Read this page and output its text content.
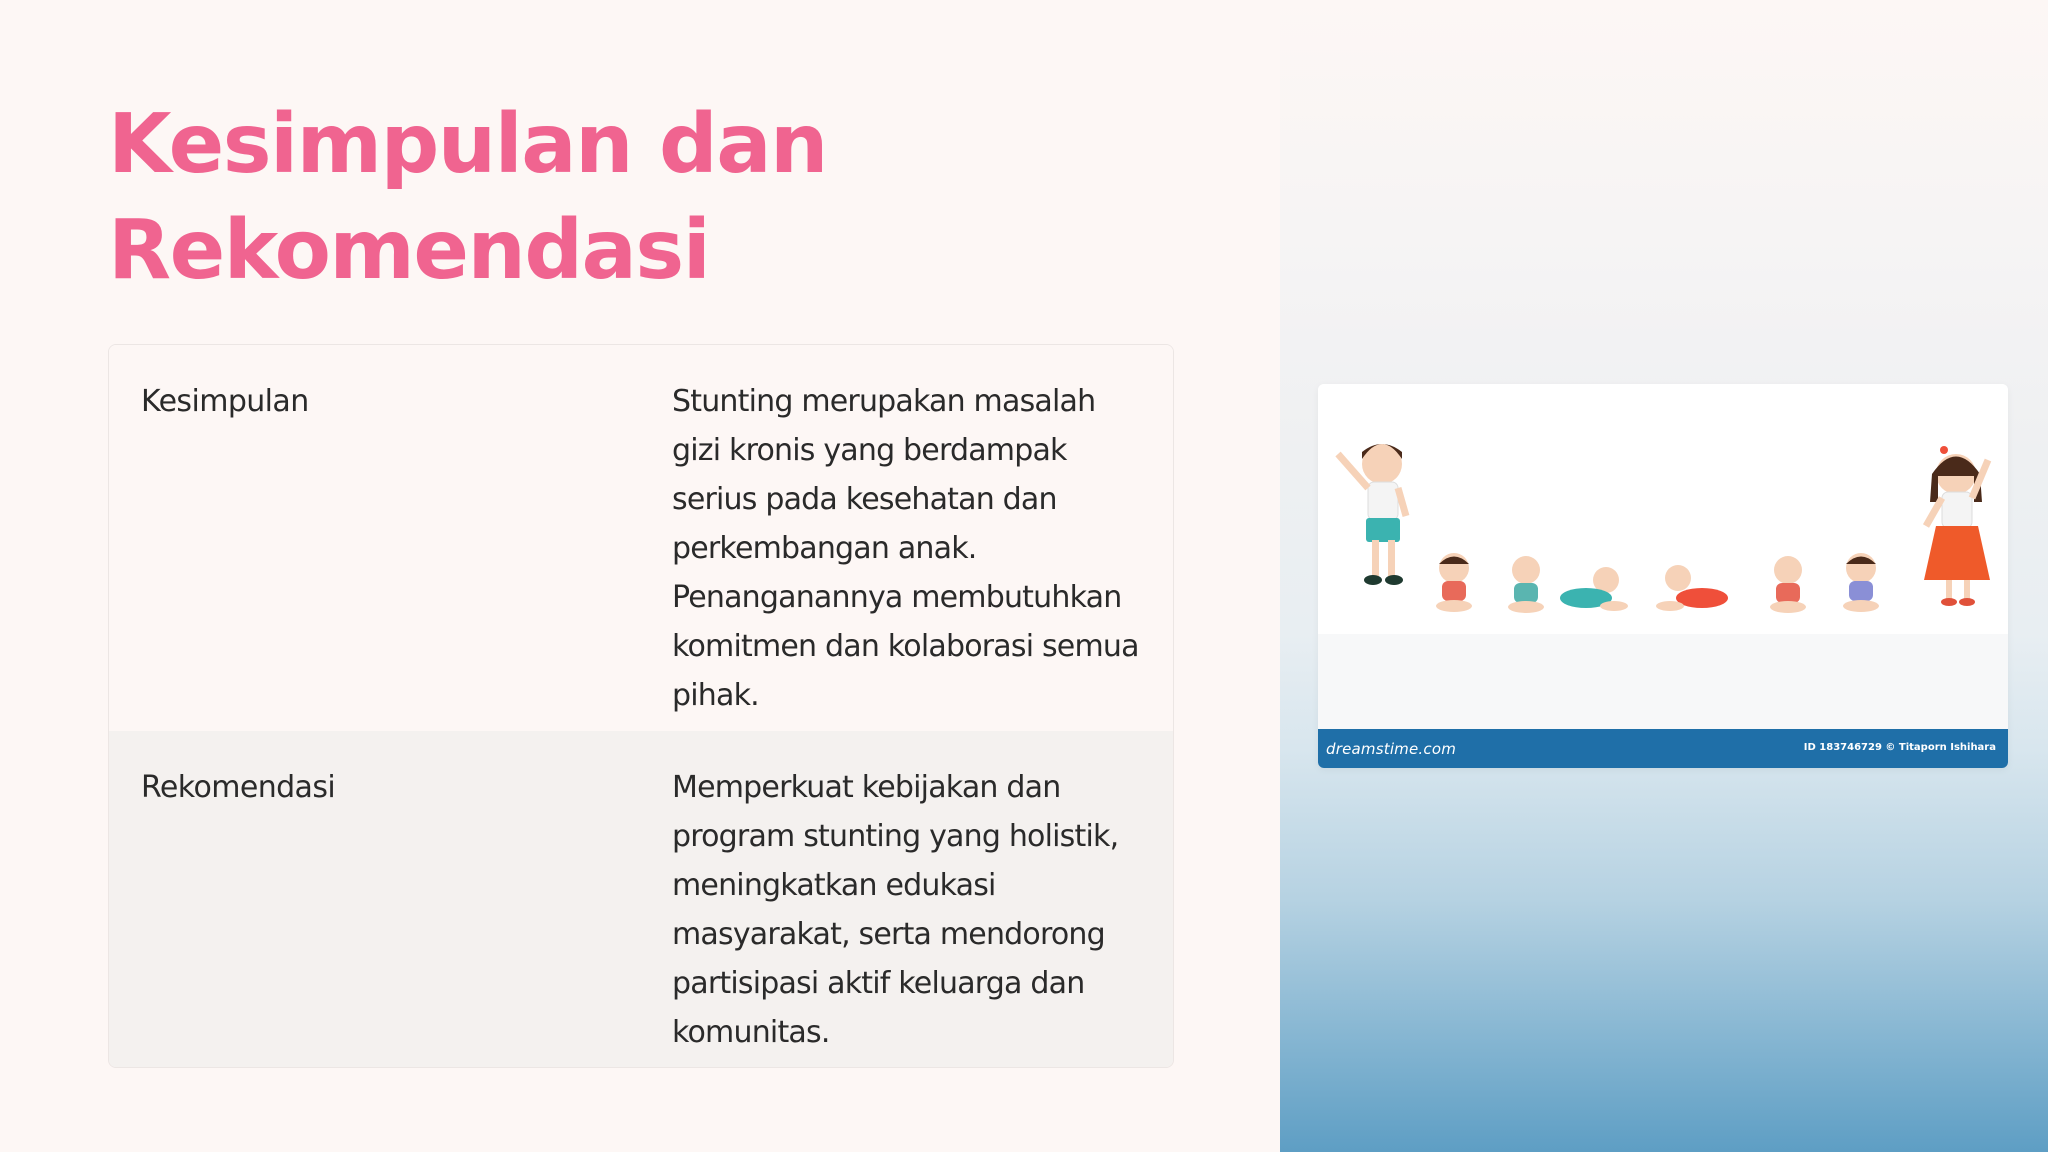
Kesimpulan dan Rekomendasi
Kesimpulan	Stunting merupakan masalah gizi kronis yang berdampak serius pada kesehatan dan perkembangan anak. Penanganannya membutuhkan komitmen dan kolaborasi semua pihak.
Rekomendasi	Memperkuat kebijakan dan program stunting yang holistik, meningkatkan edukasi masyarakat, serta mendorong partisipasi aktif keluarga dan komunitas.
dreamstime.com	ID 183746729 © Titaporn Ishihara
